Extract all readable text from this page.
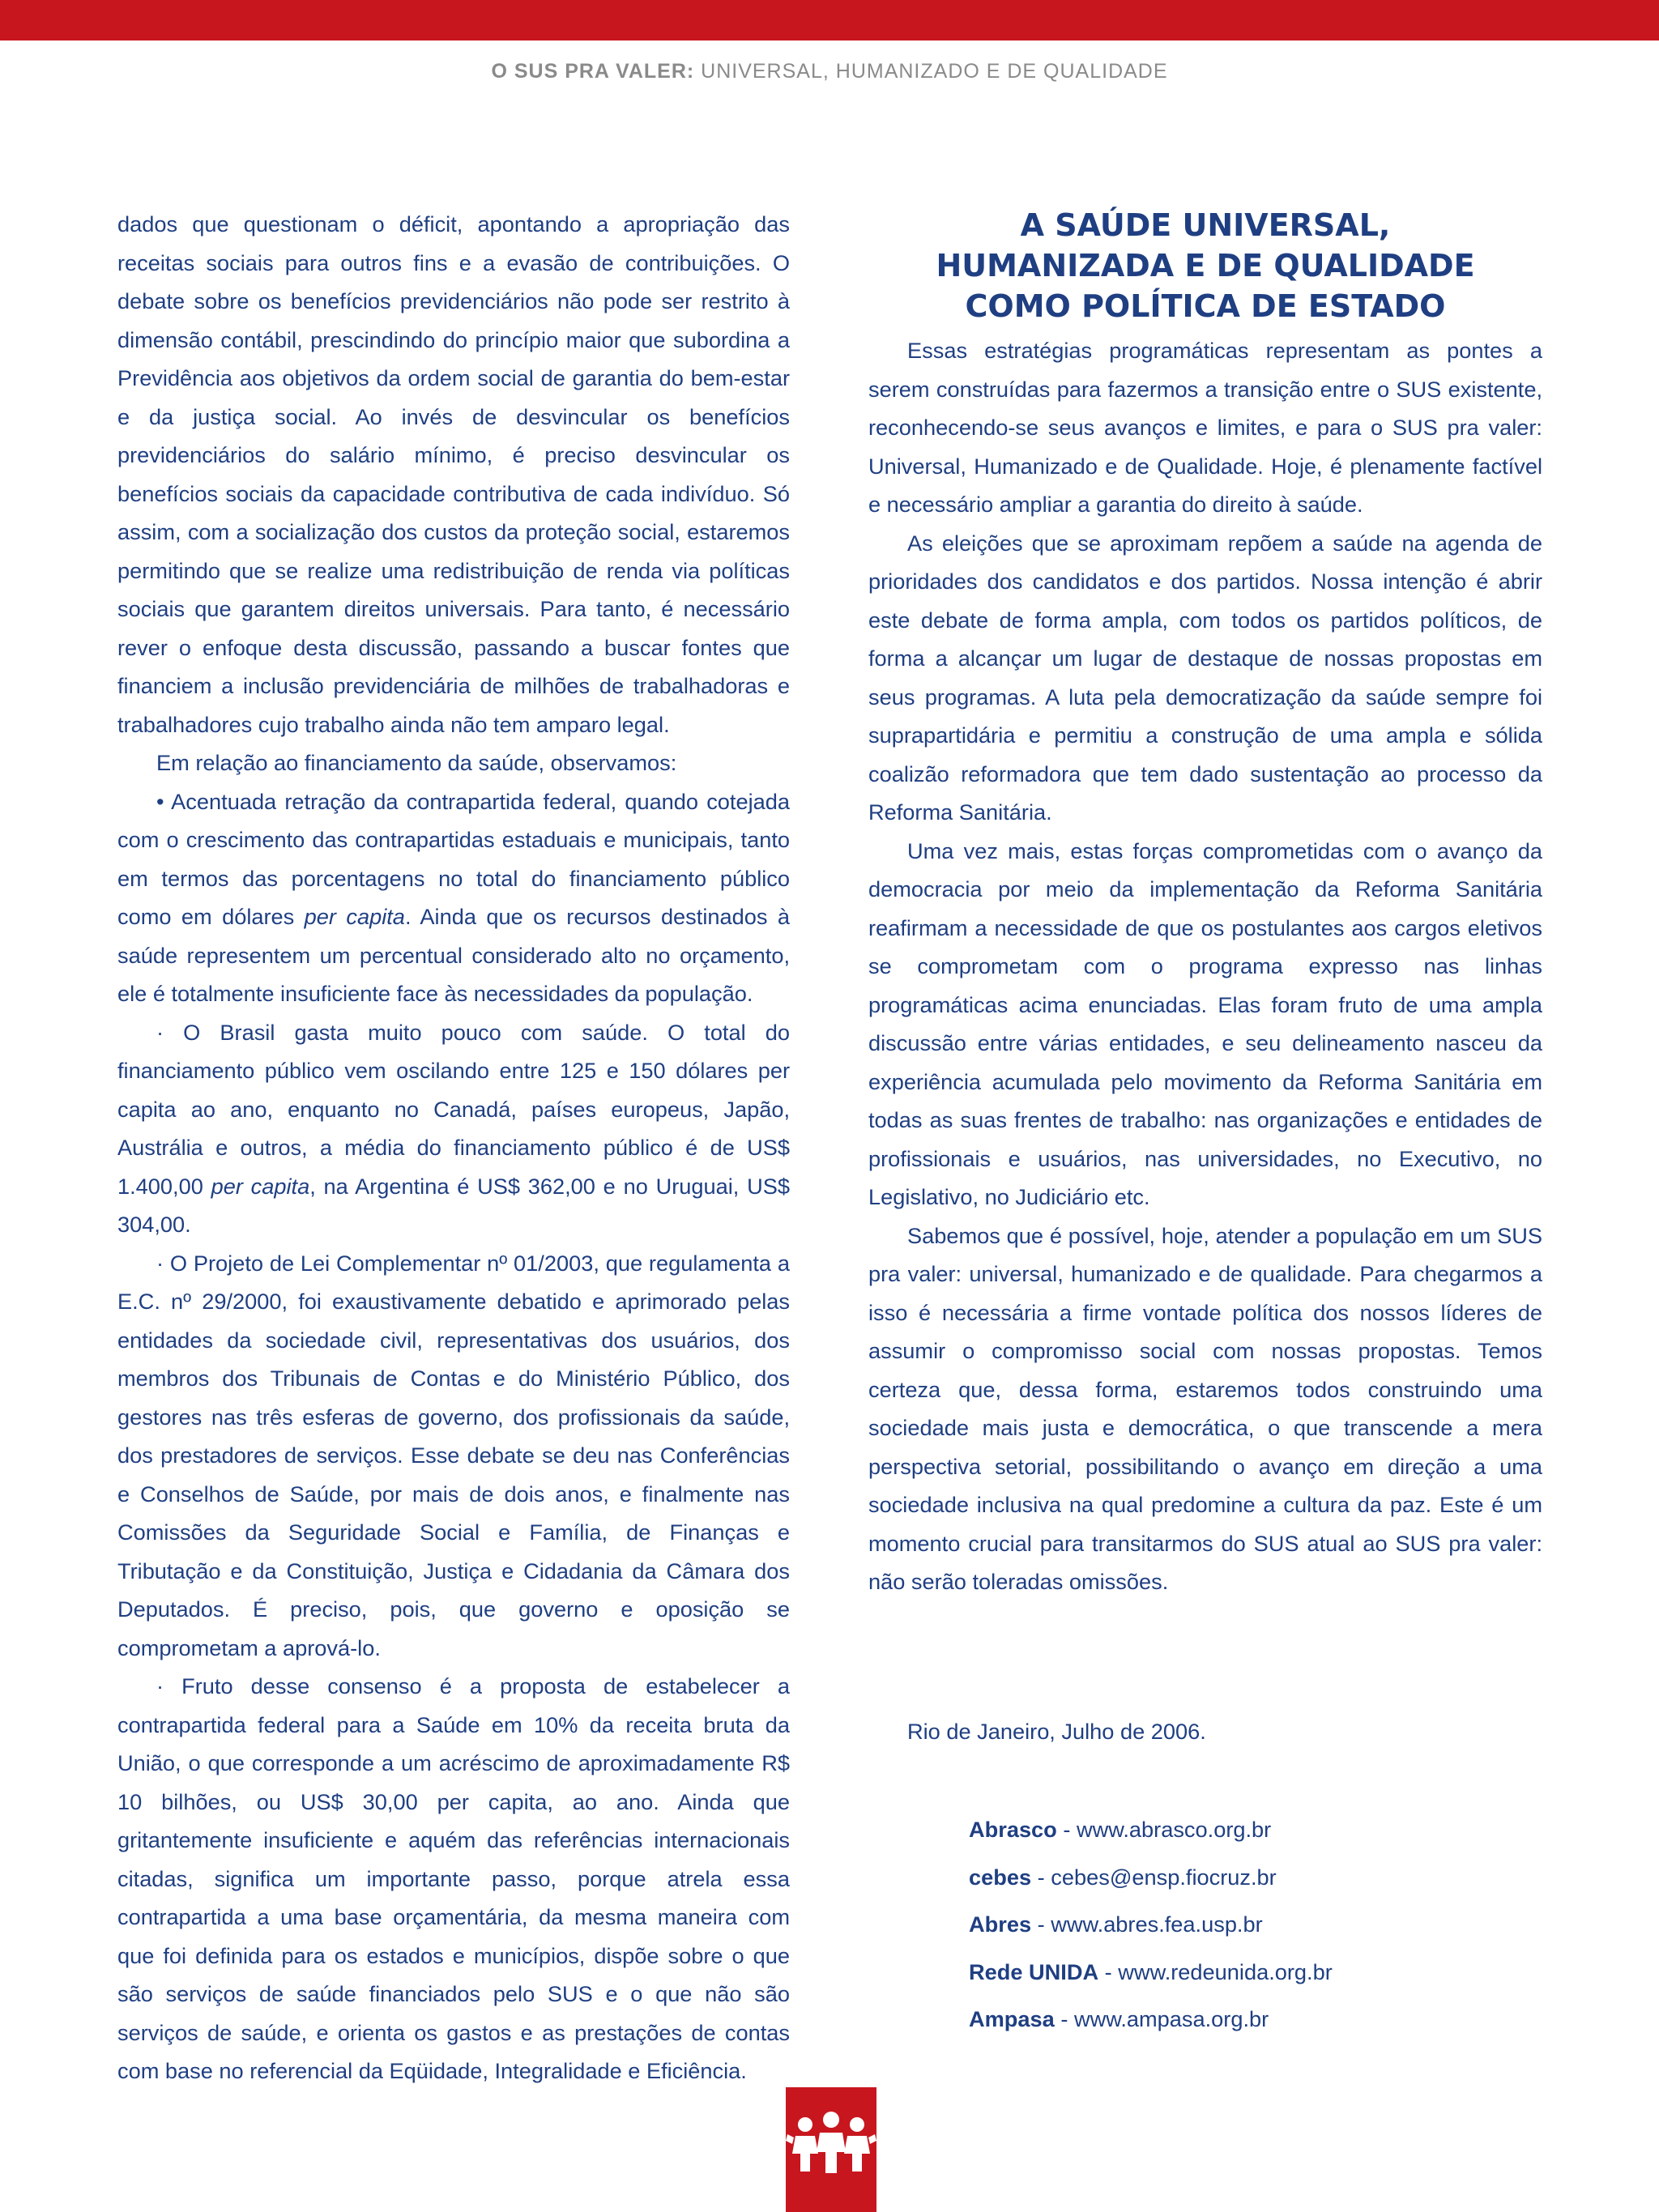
O SUS PRA VALER: UNIVERSAL, HUMANIZADO E DE QUALIDADE

dados que questionam o déficit, apontando a apropriação das receitas sociais para outros fins e a evasão de contribuições. O debate sobre os benefícios previdenciários não pode ser restrito à dimensão contábil, prescindindo do princípio maior que subordina a Previdência aos objetivos da ordem social de garantia do bem-estar e da justiça social. Ao invés de desvincular os benefícios previdenciários do salário mínimo, é preciso desvincular os benefícios sociais da capacidade contributiva de cada indivíduo. Só assim, com a socialização dos custos da proteção social, estaremos permitindo que se realize uma redistribuição de renda via políticas sociais que garantem direitos universais. Para tanto, é necessário rever o enfoque desta discussão, passando a buscar fontes que financiem a inclusão previdenciária de milhões de trabalhadoras e trabalhadores cujo trabalho ainda não tem amparo legal.

Em relação ao financiamento da saúde, observamos:

• Acentuada retração da contrapartida federal, quando cotejada com o crescimento das contrapartidas estaduais e municipais, tanto em termos das porcentagens no total do financiamento público como em dólares per capita. Ainda que os recursos destinados à saúde representem um percentual considerado alto no orçamento, ele é totalmente insuficiente face às necessidades da população.

· O Brasil gasta muito pouco com saúde. O total do financiamento público vem oscilando entre 125 e 150 dólares per capita ao ano, enquanto no Canadá, países europeus, Japão, Austrália e outros, a média do financiamento público é de US$ 1.400,00 per capita, na Argentina é US$ 362,00 e no Uruguai, US$ 304,00.

· O Projeto de Lei Complementar nº 01/2003, que regulamenta a E.C. nº 29/2000, foi exaustivamente debatido e aprimorado pelas entidades da sociedade civil, representativas dos usuários, dos membros dos Tribunais de Contas e do Ministério Público, dos gestores nas três esferas de governo, dos profissionais da saúde, dos prestadores de serviços. Esse debate se deu nas Conferências e Conselhos de Saúde, por mais de dois anos, e finalmente nas Comissões da Seguridade Social e Família, de Finanças e Tributação e da Constituição, Justiça e Cidadania da Câmara dos Deputados. É preciso, pois, que governo e oposição se comprometam a aprová-lo.

· Fruto desse consenso é a proposta de estabelecer a contrapartida federal para a Saúde em 10% da receita bruta da União, o que corresponde a um acréscimo de aproximadamente R$ 10 bilhões, ou US$ 30,00 per capita, ao ano. Ainda que gritantemente insuficiente e aquém das referências internacionais citadas, significa um importante passo, porque atrela essa contrapartida a uma base orçamentária, da mesma maneira com que foi definida para os estados e municípios, dispõe sobre o que são serviços de saúde financiados pelo SUS e o que não são serviços de saúde, e orienta os gastos e as prestações de contas com base no referencial da Eqüidade, Integralidade e Eficiência.

A SAÚDE UNIVERSAL,
HUMANIZADA E DE QUALIDADE
COMO POLÍTICA DE ESTADO

Essas estratégias programáticas representam as pontes a serem construídas para fazermos a transição entre o SUS existente, reconhecendo-se seus avanços e limites, e para o SUS pra valer: Universal, Humanizado e de Qualidade. Hoje, é plenamente factível e necessário ampliar a garantia do direito à saúde.

As eleições que se aproximam repõem a saúde na agenda de prioridades dos candidatos e dos partidos. Nossa intenção é abrir este debate de forma ampla, com todos os partidos políticos, de forma a alcançar um lugar de destaque de nossas propostas em seus programas. A luta pela democratização da saúde sempre foi suprapartidária e permitiu a construção de uma ampla e sólida coalizão reformadora que tem dado sustentação ao processo da Reforma Sanitária.

Uma vez mais, estas forças comprometidas com o avanço da democracia por meio da implementação da Reforma Sanitária reafirmam a necessidade de que os postulantes aos cargos eletivos se comprometam com o programa expresso nas linhas programáticas acima enunciadas. Elas foram fruto de uma ampla discussão entre várias entidades, e seu delineamento nasceu da experiência acumulada pelo movimento da Reforma Sanitária em todas as suas frentes de trabalho: nas organizações e entidades de profissionais e usuários, nas universidades, no Executivo, no Legislativo, no Judiciário etc.

Sabemos que é possível, hoje, atender a população em um SUS pra valer: universal, humanizado e de qualidade. Para chegarmos a isso é necessária a firme vontade política dos nossos líderes de assumir o compromisso social com nossas propostas. Temos certeza que, dessa forma, estaremos todos construindo uma sociedade mais justa e democrática, o que transcende a mera perspectiva setorial, possibilitando o avanço em direção a uma sociedade inclusiva na qual predomine a cultura da paz. Este é um momento crucial para transitarmos do SUS atual ao SUS pra valer: não serão toleradas omissões.

Rio de Janeiro, Julho de 2006.
Abrasco - www.abrasco.org.br
cebes - cebes@ensp.fiocruz.br
Abres - www.abres.fea.usp.br
Rede UNIDA - www.redeunida.org.br
Ampasa - www.ampasa.org.br
